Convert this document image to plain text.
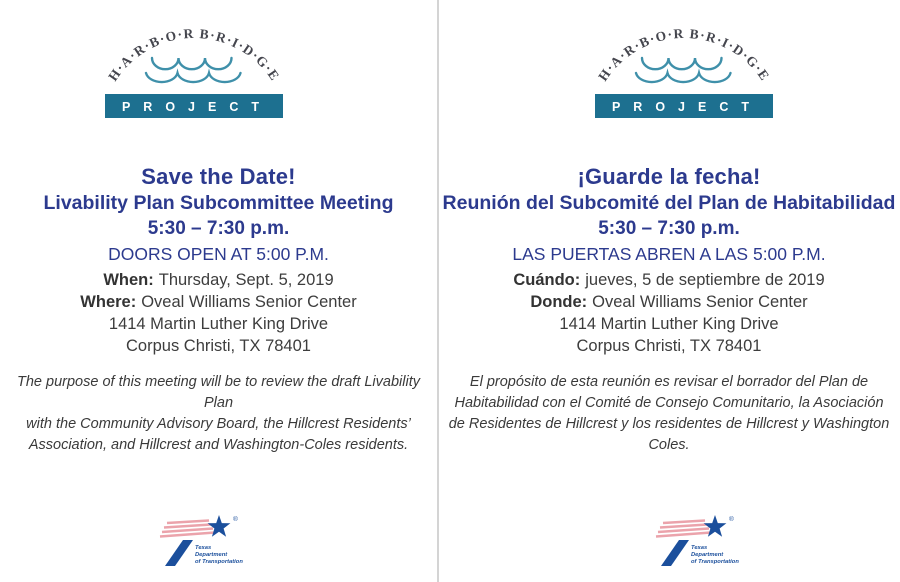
H·A·R·B·O·R B·R·I·D·G·E
PROJECT
Save the Date!
Livability Plan Subcommittee Meeting
5:30 – 7:30 p.m.
DOORS OPEN AT 5:00 P.M.
When: Thursday, Sept. 5, 2019
Where: Oveal Williams Senior Center
1414 Martin Luther King Drive
Corpus Christi, TX 78401
The purpose of this meeting will be to review the draft Livability Plan
with the Community Advisory Board, the Hillcrest Residents’
Association, and Hillcrest and Washington-Coles residents.
®
Texas
Department
of Transportation
H·A·R·B·O·R B·R·I·D·G·E
PROJECT
¡Guarde la fecha!
Reunión del Subcomité del Plan de Habitabilidad
5:30 – 7:30 p.m.
LAS PUERTAS ABREN A LAS 5:00 P.M.
Cuándo: jueves, 5 de septiembre de 2019
Donde: Oveal Williams Senior Center
1414 Martin Luther King Drive
Corpus Christi, TX 78401
El propósito de esta reunión es revisar el borrador del Plan de
Habitabilidad con el Comité de Consejo Comunitario, la Asociación
de Residentes de Hillcrest y los residentes de Hillcrest y Washington
Coles.
®
Texas
Department
of Transportation
